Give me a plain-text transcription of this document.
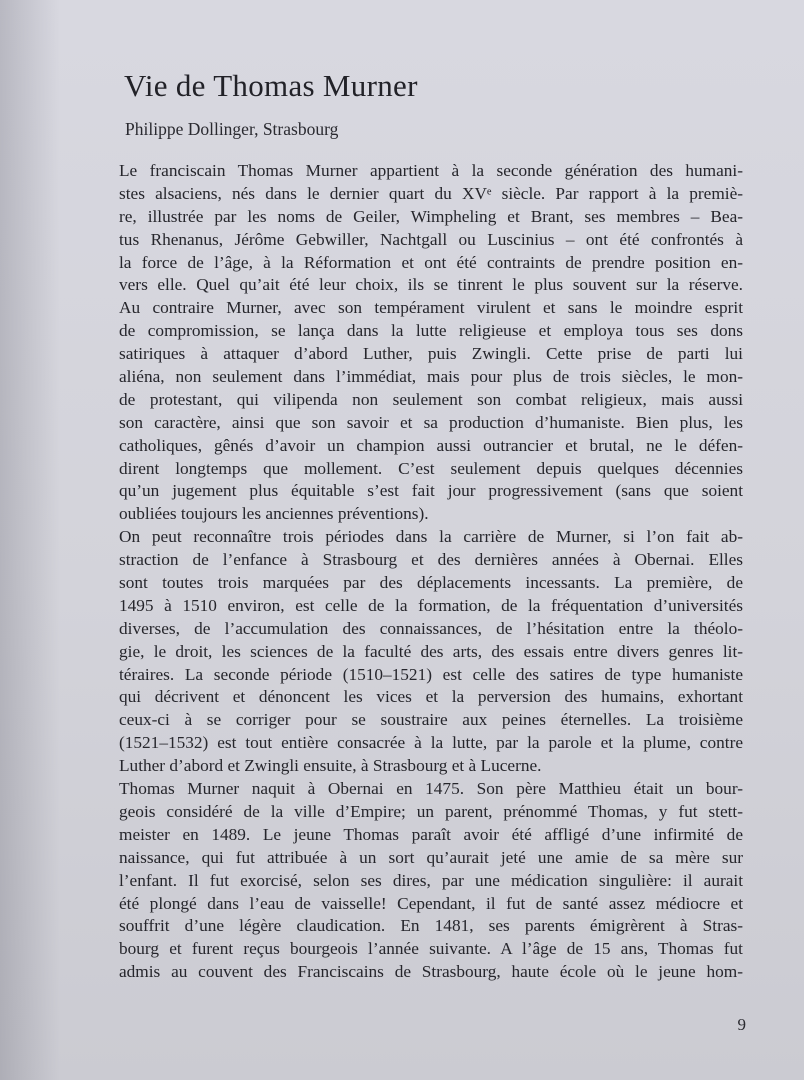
Vie de Thomas Murner

Philippe Dollinger, Strasbourg

Le franciscain Thomas Murner appartient à la seconde génération des humani-
stes alsaciens, nés dans le dernier quart du XVᵉ siècle. Par rapport à la premiè-
re, illustrée par les noms de Geiler, Wimpheling et Brant, ses membres – Bea-
tus Rhenanus, Jérôme Gebwiller, Nachtgall ou Luscinius – ont été confrontés à
la force de l’âge, à la Réformation et ont été contraints de prendre position en-
vers elle. Quel qu’ait été leur choix, ils se tinrent le plus souvent sur la réserve.
Au contraire Murner, avec son tempérament virulent et sans le moindre esprit
de compromission, se lança dans la lutte religieuse et employa tous ses dons
satiriques à attaquer d’abord Luther, puis Zwingli. Cette prise de parti lui
aliéna, non seulement dans l’immédiat, mais pour plus de trois siècles, le mon-
de protestant, qui vilipenda non seulement son combat religieux, mais aussi
son caractère, ainsi que son savoir et sa production d’humaniste. Bien plus, les
catholiques, gênés d’avoir un champion aussi outrancier et brutal, ne le défen-
dirent longtemps que mollement. C’est seulement depuis quelques décennies
qu’un jugement plus équitable s’est fait jour progressivement (sans que soient
oubliées toujours les anciennes préventions).
On peut reconnaître trois périodes dans la carrière de Murner, si l’on fait ab-
straction de l’enfance à Strasbourg et des dernières années à Obernai. Elles
sont toutes trois marquées par des déplacements incessants. La première, de
1495 à 1510 environ, est celle de la formation, de la fréquentation d’universités
diverses, de l’accumulation des connaissances, de l’hésitation entre la théolo-
gie, le droit, les sciences de la faculté des arts, des essais entre divers genres lit-
téraires. La seconde période (1510–1521) est celle des satires de type humaniste
qui décrivent et dénoncent les vices et la perversion des humains, exhortant
ceux-ci à se corriger pour se soustraire aux peines éternelles. La troisième
(1521–1532) est tout entière consacrée à la lutte, par la parole et la plume, contre
Luther d’abord et Zwingli ensuite, à Strasbourg et à Lucerne.
Thomas Murner naquit à Obernai en 1475. Son père Matthieu était un bour-
geois considéré de la ville d’Empire; un parent, prénommé Thomas, y fut stett-
meister en 1489. Le jeune Thomas paraît avoir été affligé d’une infirmité de
naissance, qui fut attribuée à un sort qu’aurait jeté une amie de sa mère sur
l’enfant. Il fut exorcisé, selon ses dires, par une médication singulière: il aurait
été plongé dans l’eau de vaisselle! Cependant, il fut de santé assez médiocre et
souffrit d’une légère claudication. En 1481, ses parents émigrèrent à Stras-
bourg et furent reçus bourgeois l’année suivante. A l’âge de 15 ans, Thomas fut
admis au couvent des Franciscains de Strasbourg, haute école où le jeune hom-
9
